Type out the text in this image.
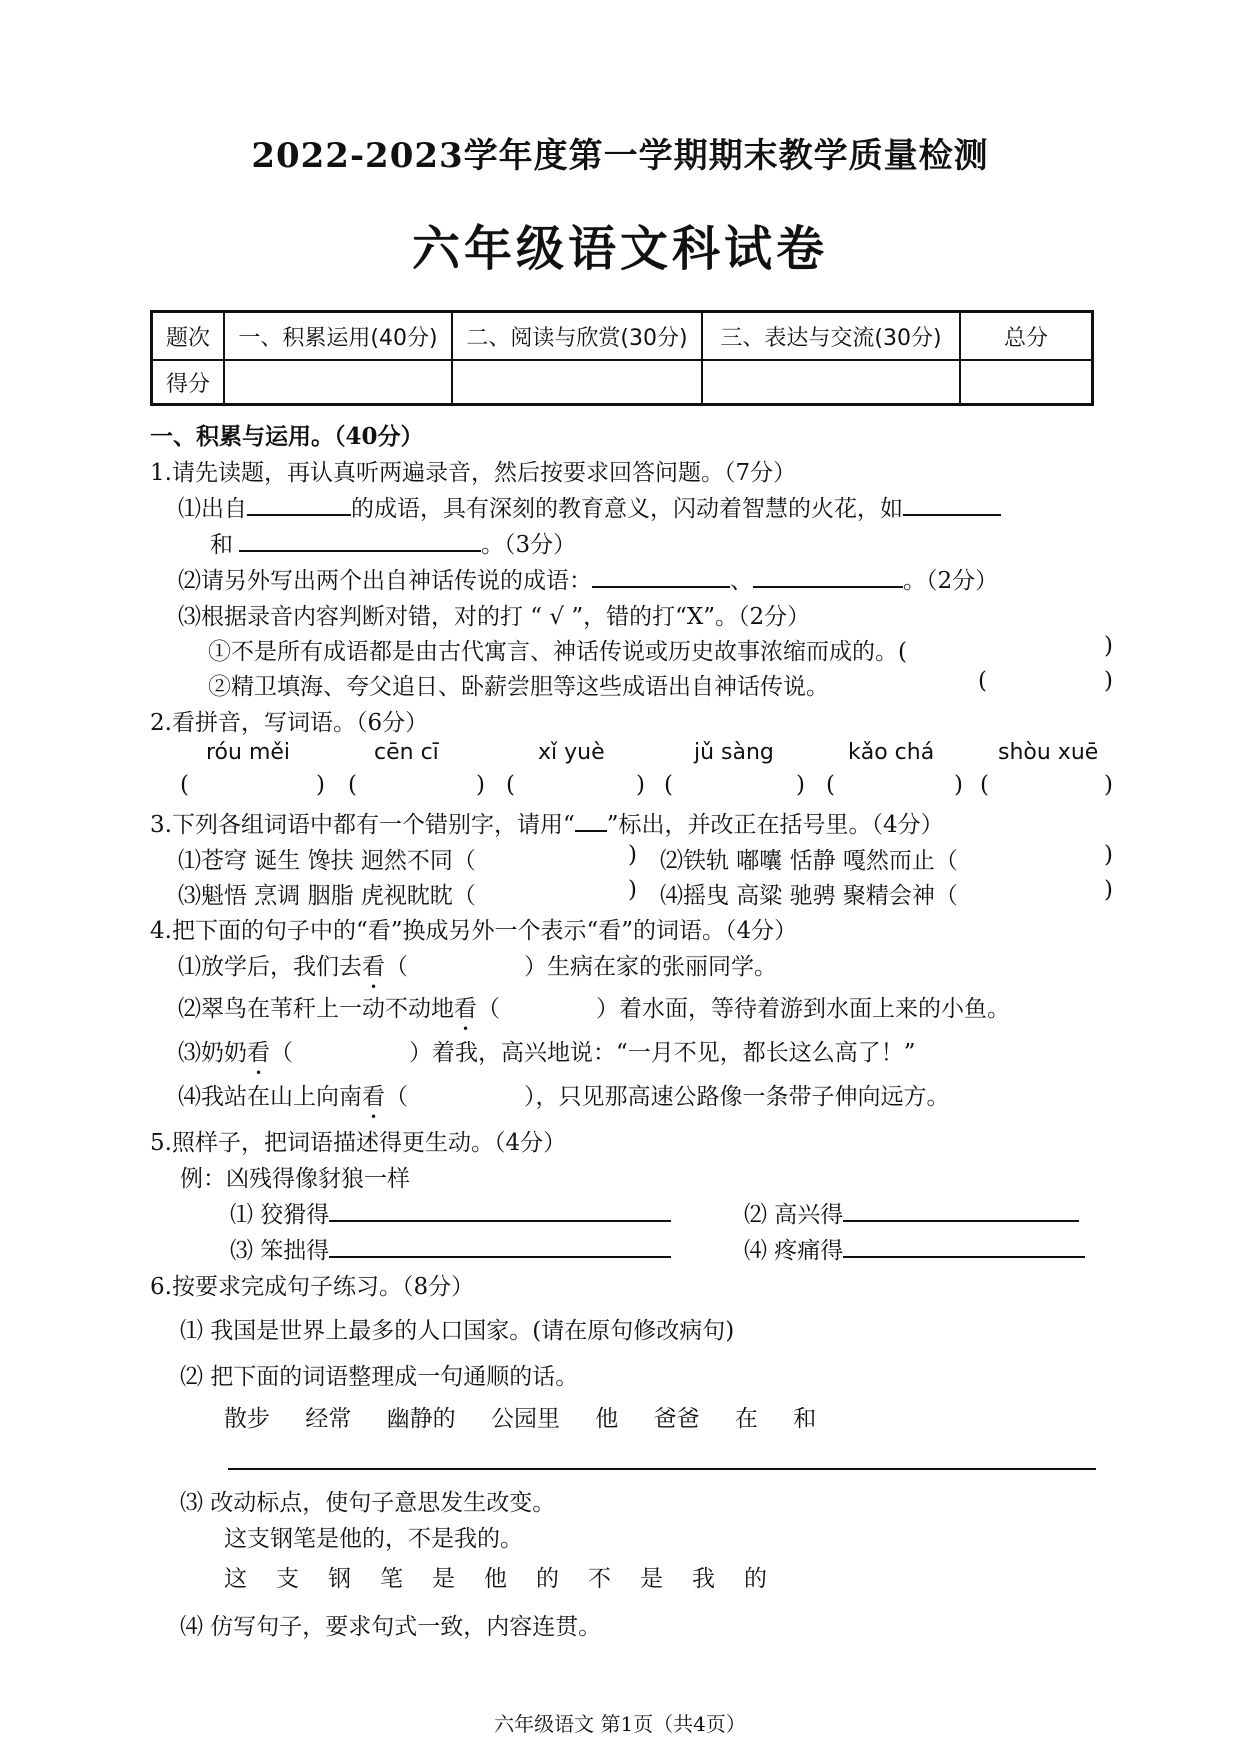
2022-2023学年度第一学期期末教学质量检测
六年级语文科试卷
题次	一、积累运用(40分)	二、阅读与欣赏(30分)	三、表达与交流(30分)	总分
得分				
一、积累与运用。（40分）
1.请先读题，再认真听两遍录音，然后按要求回答问题。（7分）
⑴出自	的成语，具有深刻的教育意义，闪动着智慧的火花，如
和	。（3分）
⑵请另外写出两个出自神话传说的成语：	、	。（2分）
⑶根据录音内容判断对错，对的打 “ √ ”，错的打“X”。（2分）
①不是所有成语都是由古代寓言、神话传说或历史故事浓缩而成的。(	)
②精卫填海、夸父追日、卧薪尝胆等这些成语出自神话传说。	(	)
2.看拼音，写词语。（6分）
róu měi	cēn cī	xǐ yuè	jǔ sàng	kǎo chá	shòu xuē
(	) (	) (	) (	) (	) (	)
3.下列各组词语中都有一个错别字，请用“ ”标出，并改正在括号里。（4分）
⑴苍穹 诞生 馋扶 迥然不同（	) ⑵铁轨 嘟囔 恬静 嘎然而止（	)
⑶魁悟 烹调 胭脂 虎视眈眈（	) ⑷摇曳 高粱 驰骋 聚精会神（	)
4.把下面的句子中的“看”换成另外一个表示“看”的词语。（4分）
⑴放学后，我们去看（	）生病在家的张丽同学。
⑵翠鸟在苇秆上一动不动地看（	）着水面，等待着游到水面上来的小鱼。
⑶奶奶看（	）着我，高兴地说：“一月不见，都长这么高了！”
⑷我站在山上向南看（	），只见那高速公路像一条带子伸向远方。
5.照样子，把词语描述得更生动。（4分）
例：凶残得像豺狼一样
⑴ 狡猾得	⑵ 高兴得
⑶ 笨拙得	⑷ 疼痛得
6.按要求完成句子练习。（8分）
⑴ 我国是世界上最多的人口国家。(请在原句修改病句)
⑵ 把下面的词语整理成一句通顺的话。
散步 经常 幽静的 公园里 他 爸爸 在 和
⑶ 改动标点，使句子意思发生改变。
这支钢笔是他的，不是我的。
这 支 钢 笔 是 他 的 不 是 我 的
⑷ 仿写句子，要求句式一致，内容连贯。
六年级语文 第1页（共4页）
